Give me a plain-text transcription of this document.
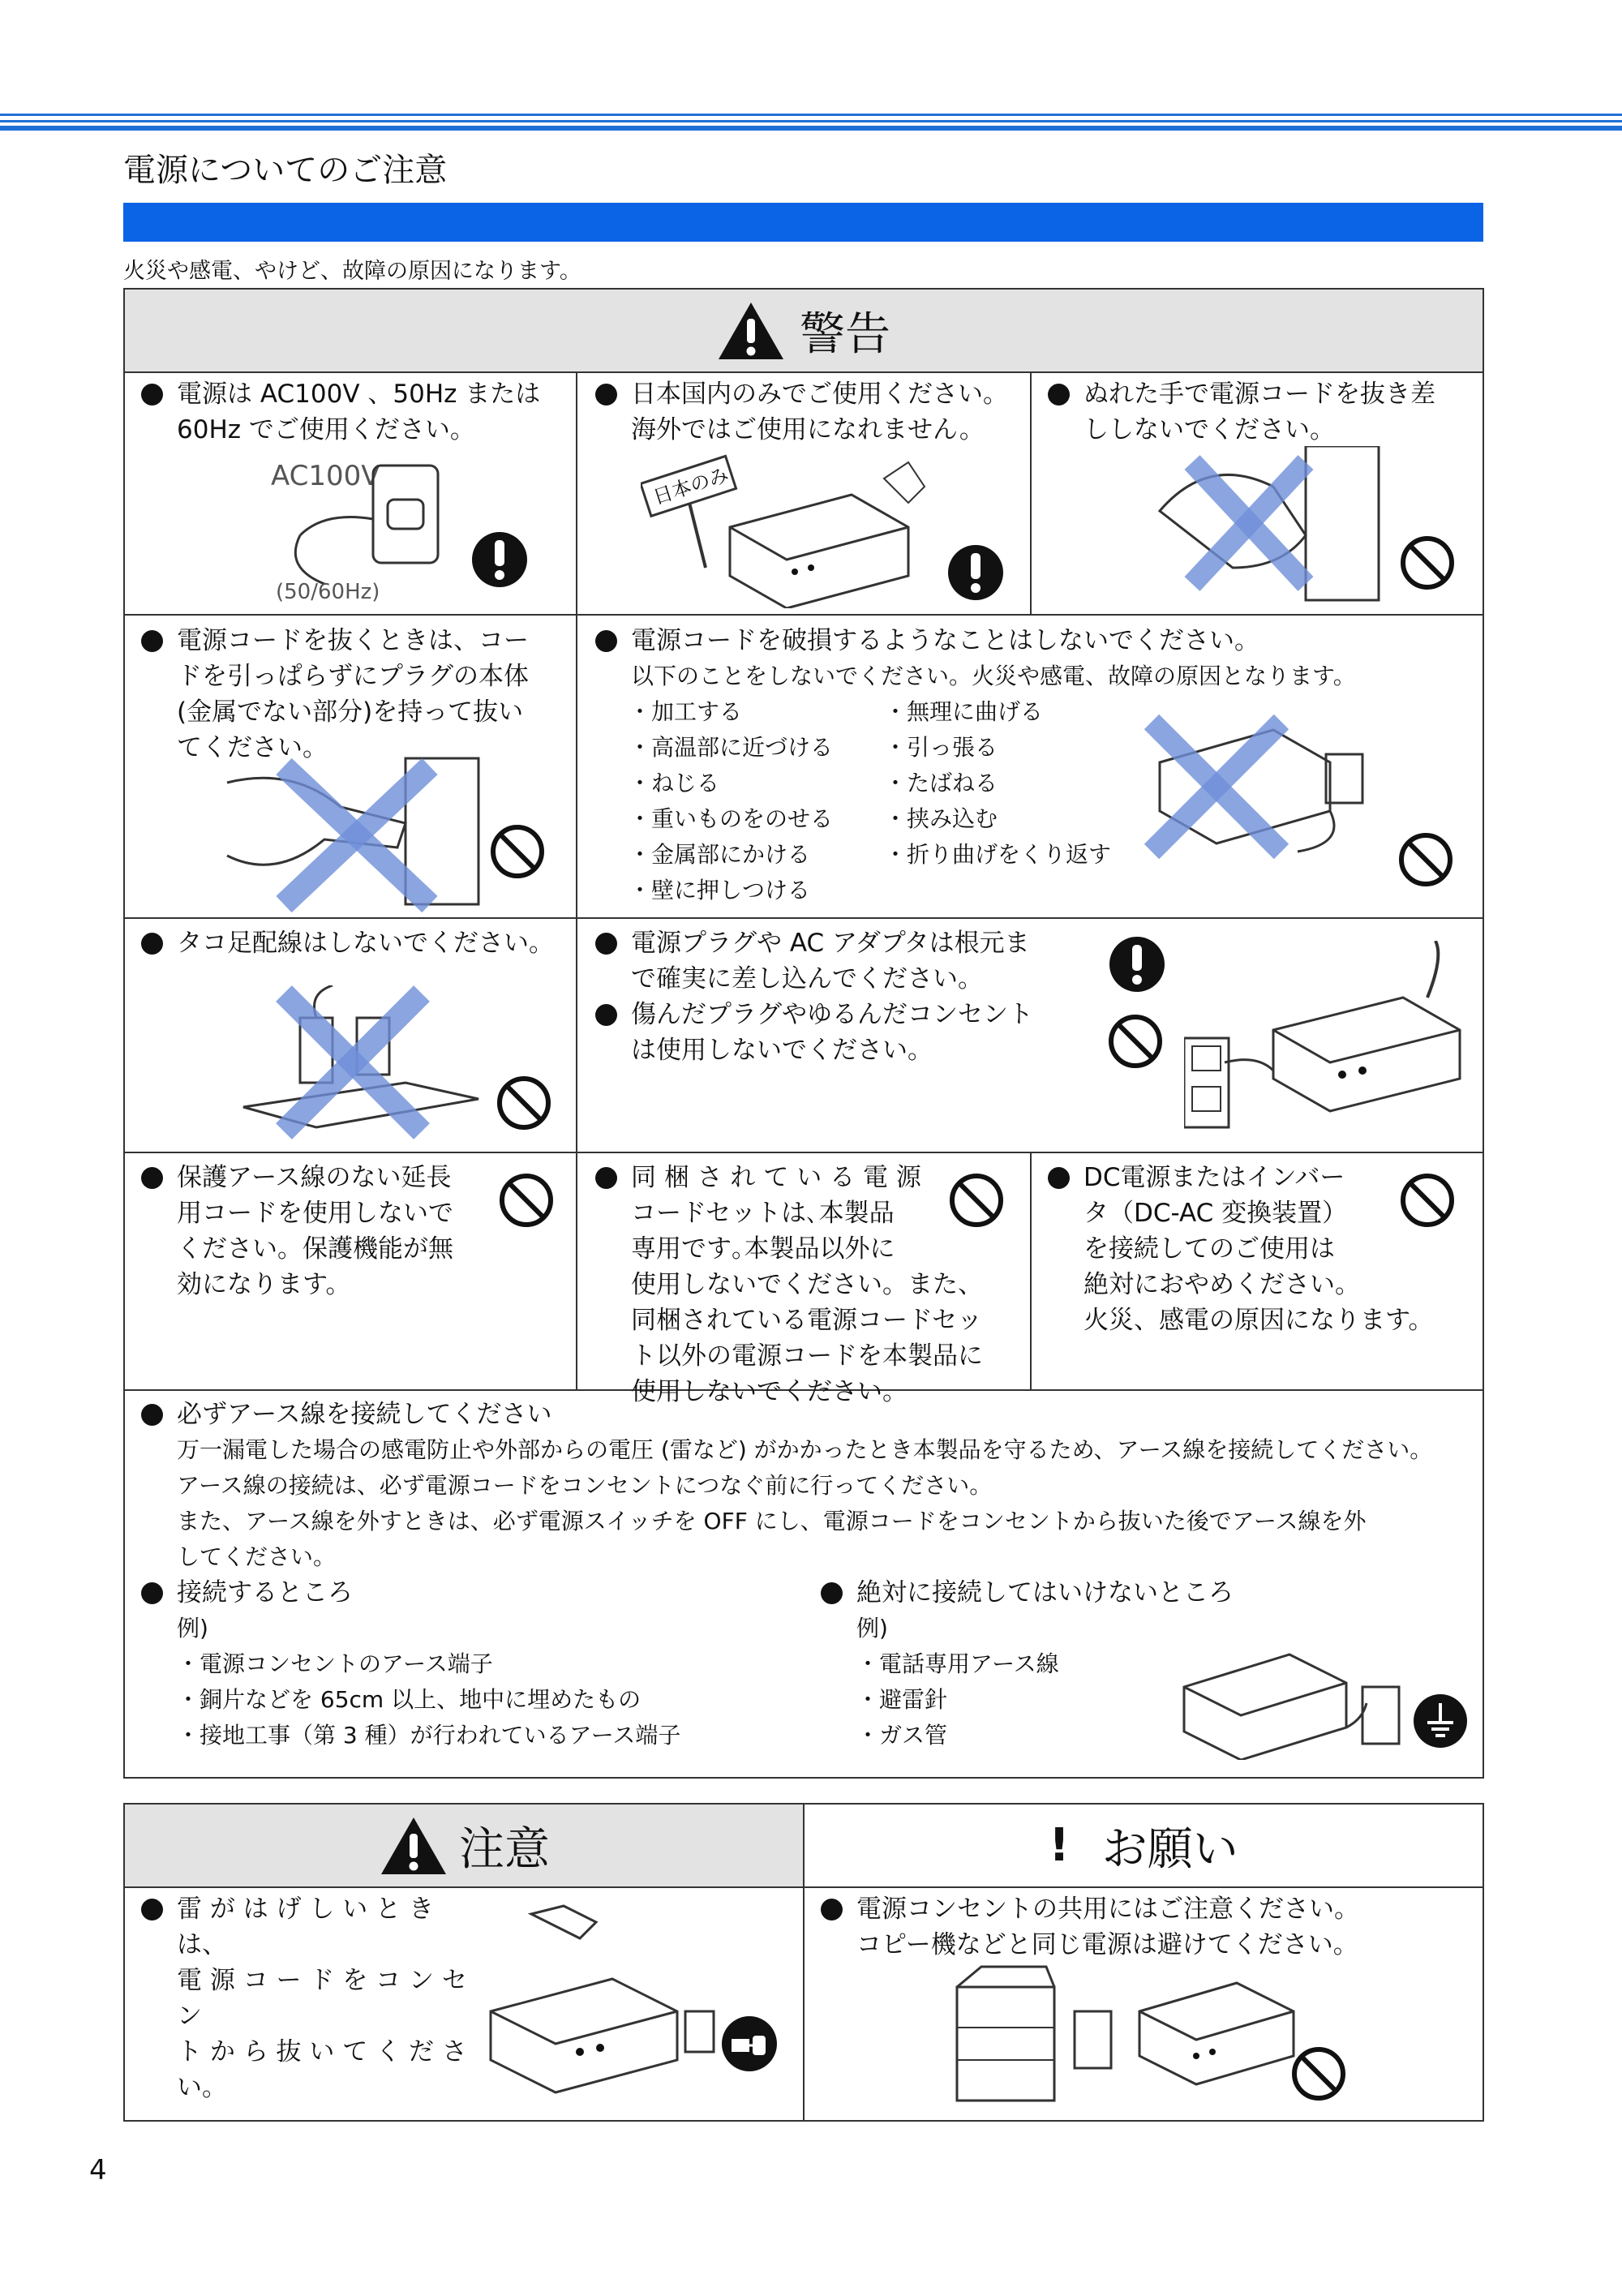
電源についてのご注意
火災や感電、やけど、故障の原因になります。
警告
電源は AC100V 、50Hz または
60Hz でご使用ください。
AC100V
(50/60Hz)
日本国内のみでご使用ください。
海外ではご使用になれません。
日本のみ
ぬれた手で電源コードを抜き差
ししないでください。
電源コードを抜くときは、コー
ドを引っぱらずにプラグの本体
(金属でない部分)を持って抜い
てください。
電源コードを破損するようなことはしないでください。
以下のことをしないでください。火災や感電、故障の原因となります。
・加工する
・高温部に近づける
・ねじる
・重いものをのせる
・金属部にかける
・壁に押しつける
・無理に曲げる
・引っ張る
・たばねる
・挟み込む
・折り曲げをくり返す
タコ足配線はしないでください。	電源プラグや AC アダプタは根元ま
で確実に差し込んでください。
傷んだプラグやゆるんだコンセント
は使用しないでください。
保護アース線のない延長
用コードを使用しないで
ください。保護機能が無
効になります。
同 梱 さ れ て い る 電 源
コードセットは､本製品
専用です｡本製品以外に
使用しないでください。また、
同梱されている電源コードセッ
ト以外の電源コードを本製品に
使用しないでください。
DC電源またはインバー
タ（DC-AC 変換装置）
を接続してのご使用は
絶対におやめください。
火災、感電の原因になります。
必ずアース線を接続してください
万一漏電した場合の感電防止や外部からの電圧 (雷など) がかかったとき本製品を守るため、アース線を接続してください。
アース線の接続は、必ず電源コードをコンセントにつなぐ前に行ってください。
また、アース線を外すときは、必ず電源スイッチを OFF にし、電源コードをコンセントから抜いた後でアース線を外
してください。
接続するところ
例)
・電源コンセントのアース端子
・銅片などを 65cm 以上、地中に埋めたもの
・接地工事（第 3 種）が行われているアース端子
絶対に接続してはいけないところ
例)
・電話専用アース線
・避雷針
・ガス管
注意	! お願い
雷 が は げ し い と き は、
電 源 コ ー ド を コ ン セ ン
ト か ら 抜 い て く だ さ
い。
電源コンセントの共用にはご注意ください。
コピー機などと同じ電源は避けてください。
4
